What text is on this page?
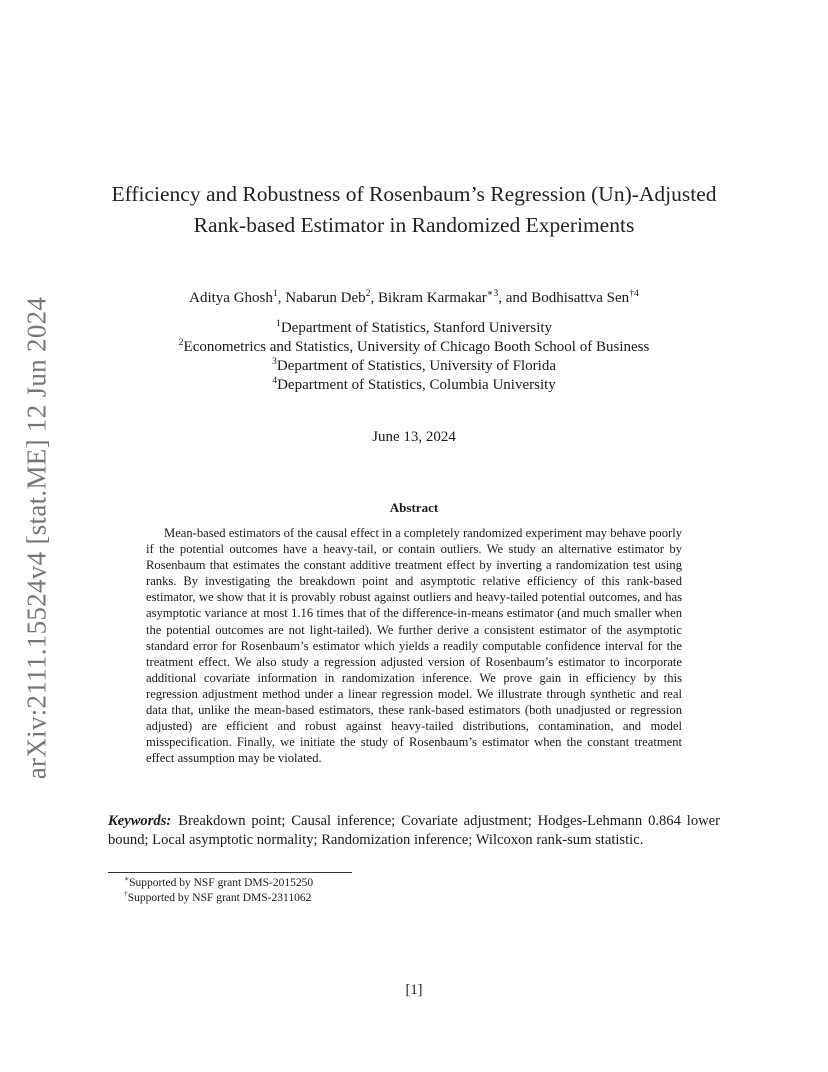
arXiv:2111.15524v4 [stat.ME] 12 Jun 2024
Efficiency and Robustness of Rosenbaum’s Regression (Un)-Adjusted Rank-based Estimator in Randomized Experiments
Aditya Ghosh$^1$, Nabarun Deb$^2$, Bikram Karmakar$^{∗3}$, and Bodhisattva Sen$^{\dagger 4}$
$^1$Department of Statistics, Stanford University
$^2$Econometrics and Statistics, University of Chicago Booth School of Business
$^3$Department of Statistics, University of Florida
$^4$Department of Statistics, Columbia University
June 13, 2024
Abstract

Mean-based estimators of the causal effect in a completely randomized experiment may behave poorly if the potential outcomes have a heavy-tail, or contain outliers. We study an alternative estimator by Rosenbaum that estimates the constant additive treatment effect by inverting a randomization test using ranks. By investigating the breakdown point and asymptotic relative efficiency of this rank-based estimator, we show that it is provably robust against outliers and heavy-tailed potential outcomes, and has asymptotic variance at most 1.16 times that of the difference-in-means estimator (and much smaller when the potential outcomes are not light-tailed). We further derive a consistent estimator of the asymptotic standard error for Rosenbaum’s estimator which yields a readily computable confidence interval for the treatment effect. We also study a regression adjusted version of Rosenbaum’s estimator to incorporate additional covariate information in randomization inference. We prove gain in efficiency by this regression adjustment method under a linear regression model. We illustrate through synthetic and real data that, unlike the mean-based estimators, these rank-based estimators (both unadjusted or regression adjusted) are efficient and robust against heavy-tailed distributions, contamination, and model misspecification. Finally, we initiate the study of Rosenbaum’s estimator when the constant treatment effect assumption may be violated.

Keywords: Breakdown point; Causal inference; Covariate adjustment; Hodges-Lehmann 0.864 lower bound; Local asymptotic normality; Randomization inference; Wilcoxon rank-sum statistic.
∗Supported by NSF grant DMS-2015250
†Supported by NSF grant DMS-2311062
[1]
